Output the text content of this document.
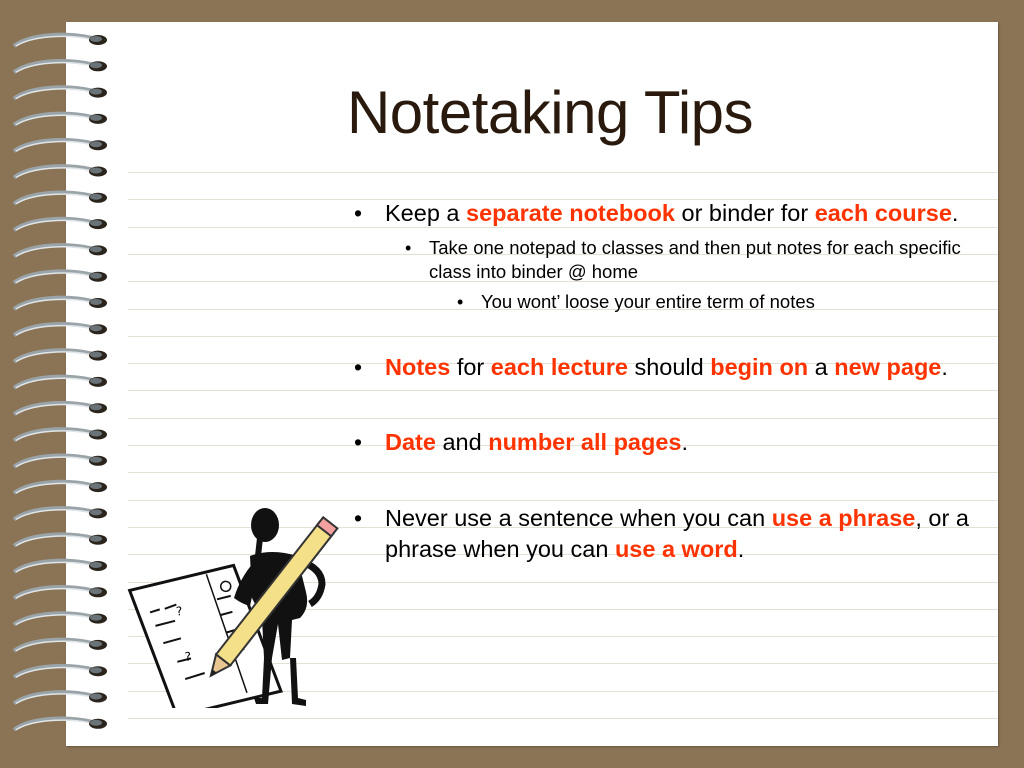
?
?
Notetaking Tips
• Keep a separate notebook or binder for each course.
• Take one notepad to classes and then put notes for each specific class into binder @ home
• You wont’ loose your entire term of notes
• Notes for each lecture should begin on a new page.
• Date and number all pages.
• Never use a sentence when you can use a phrase, or a phrase when you can use a word.
